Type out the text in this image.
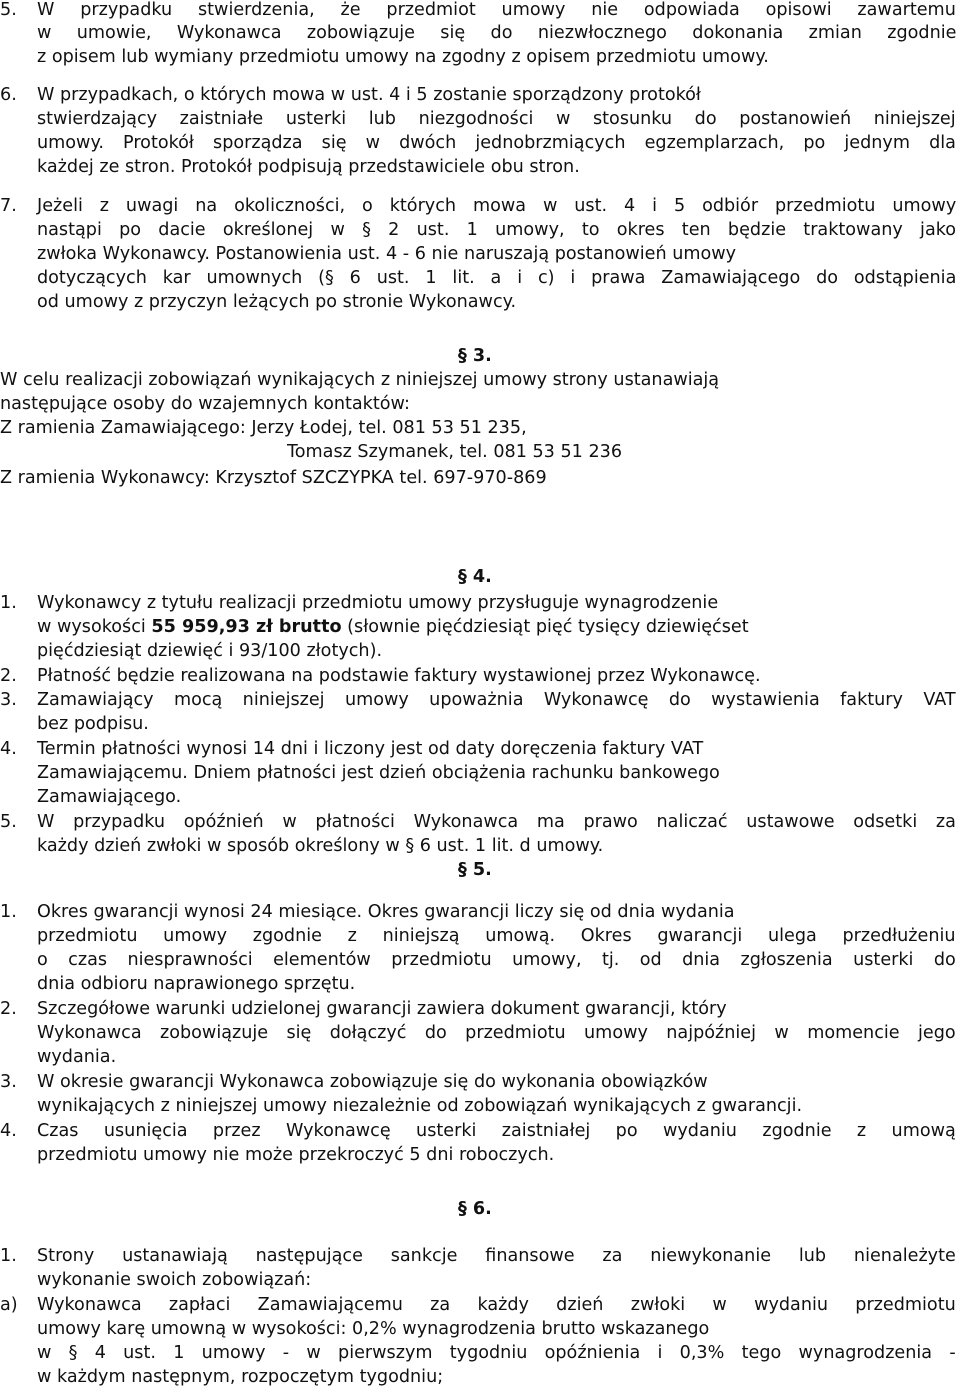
5. W przypadku stwierdzenia, że przedmiot umowy nie odpowiada opisowi zawartemu
w umowie, Wykonawca zobowiązuje się do niezwłocznego dokonania zmian zgodnie
z opisem lub wymiany przedmiotu umowy na zgodny z opisem przedmiotu umowy.
6. W przypadkach, o których mowa w ust. 4 i 5 zostanie sporządzony protokół
stwierdzający zaistniałe usterki lub niezgodności w stosunku do postanowień niniejszej
umowy. Protokół sporządza się w dwóch jednobrzmiących egzemplarzach, po jednym dla
każdej ze stron. Protokół podpisują przedstawiciele obu stron.
7. Jeżeli z uwagi na okoliczności, o których mowa w ust. 4 i 5 odbiór przedmiotu umowy
nastąpi po dacie określonej w § 2 ust. 1 umowy, to okres ten będzie traktowany jako
zwłoka Wykonawcy. Postanowienia ust. 4 - 6 nie naruszają postanowień umowy
dotyczących kar umownych (§ 6 ust. 1 lit. a i c) i prawa Zamawiającego do odstąpienia
od umowy z przyczyn leżących po stronie Wykonawcy.
§ 3.
W celu realizacji zobowiązań wynikających z niniejszej umowy strony ustanawiają
następujące osoby do wzajemnych kontaktów:
Z ramienia Zamawiającego: Jerzy Łodej, tel. 081 53 51 235,
Tomasz Szymanek, tel. 081 53 51 236
Z ramienia Wykonawcy: Krzysztof SZCZYPKA tel. 697-970-869
§ 4.
1. Wykonawcy z tytułu realizacji przedmiotu umowy przysługuje wynagrodzenie
w wysokości 55 959,93 zł brutto (słownie pięćdziesiąt pięć tysięcy dziewięćset
pięćdziesiąt dziewięć i 93/100 złotych).
2. Płatność będzie realizowana na podstawie faktury wystawionej przez Wykonawcę.
3. Zamawiający mocą niniejszej umowy upoważnia Wykonawcę do wystawienia faktury VAT
bez podpisu.
4. Termin płatności wynosi 14 dni i liczony jest od daty doręczenia faktury VAT
Zamawiającemu. Dniem płatności jest dzień obciążenia rachunku bankowego
Zamawiającego.
5. W przypadku opóźnień w płatności Wykonawca ma prawo naliczać ustawowe odsetki za
każdy dzień zwłoki w sposób określony w § 6 ust. 1 lit. d umowy.
§ 5.
1. Okres gwarancji wynosi 24 miesiące. Okres gwarancji liczy się od dnia wydania
przedmiotu umowy zgodnie z niniejszą umową. Okres gwarancji ulega przedłużeniu
o czas niesprawności elementów przedmiotu umowy, tj. od dnia zgłoszenia usterki do
dnia odbioru naprawionego sprzętu.
2. Szczegółowe warunki udzielonej gwarancji zawiera dokument gwarancji, który
Wykonawca zobowiązuje się dołączyć do przedmiotu umowy najpóźniej w momencie jego
wydania.
3. W okresie gwarancji Wykonawca zobowiązuje się do wykonania obowiązków
wynikających z niniejszej umowy niezależnie od zobowiązań wynikających z gwarancji.
4. Czas usunięcia przez Wykonawcę usterki zaistniałej po wydaniu zgodnie z umową
przedmiotu umowy nie może przekroczyć 5 dni roboczych.
§ 6.
1. Strony ustanawiają następujące sankcje finansowe za niewykonanie lub nienależyte
wykonanie swoich zobowiązań:
a) Wykonawca zapłaci Zamawiającemu za każdy dzień zwłoki w wydaniu przedmiotu
umowy karę umowną w wysokości: 0,2% wynagrodzenia brutto wskazanego
w § 4 ust. 1 umowy - w pierwszym tygodniu opóźnienia i 0,3% tego wynagrodzenia -
w każdym następnym, rozpoczętym tygodniu;
